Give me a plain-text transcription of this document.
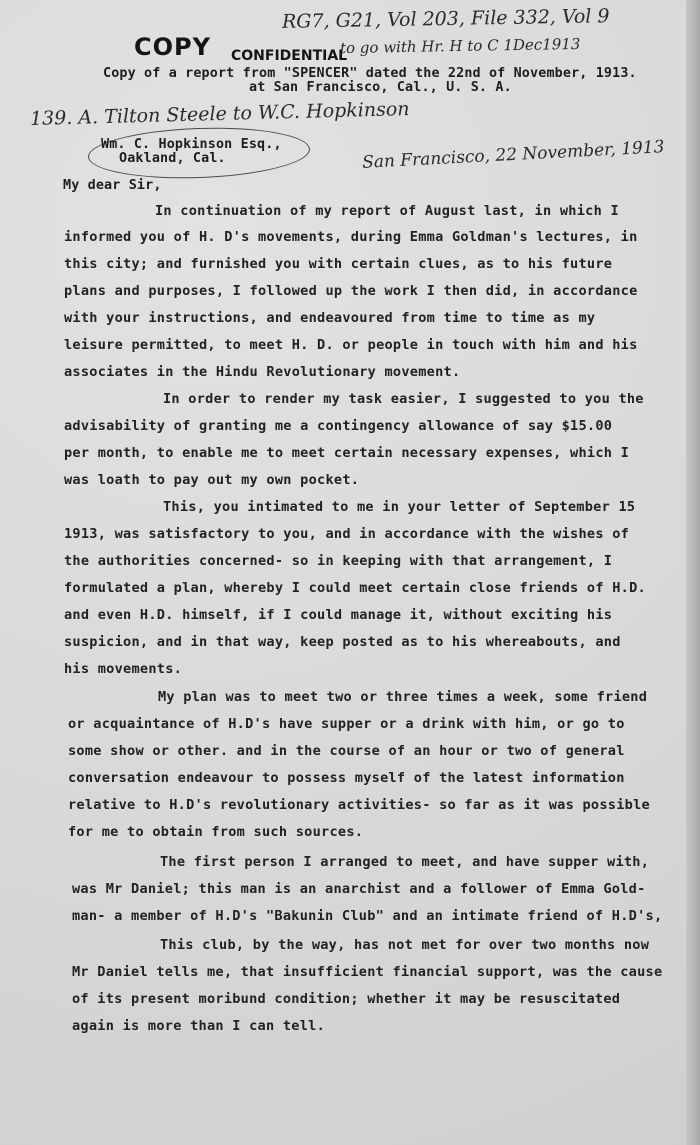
RG7, G21, Vol 203, File 332, Vol 9
to go with Hr. H to C 1Dec1913
139. A. Tilton Steele to W.C. Hopkinson
San Francisco, 22 November, 1913
COPY CONFIDENTIAL
Copy of a report from "SPENCER" dated the 22nd of November, 1913.
at San Francisco, Cal., U. S. A.
Wm. C. Hopkinson Esq.,
Oakland, Cal.
My dear Sir,
In continuation of my report of August last, in which I
informed you of H. D's movements, during Emma Goldman's lectures, in
this city; and furnished you with certain clues, as to his future
plans and purposes, I followed up the work I then did, in accordance
with your instructions, and endeavoured from time to time as my
leisure permitted, to meet H. D. or people in touch with him and his
associates in the Hindu Revolutionary movement.
In order to render my task easier, I suggested to you the
advisability of granting me a contingency allowance of say $15.00
per month, to enable me to meet certain necessary expenses, which I
was loath to pay out my own pocket.
This, you intimated to me in your letter of September 15
1913, was satisfactory to you, and in accordance with the wishes of
the authorities concerned- so in keeping with that arrangement, I
formulated a plan, whereby I could meet certain close friends of H.D.
and even H.D. himself, if I could manage it, without exciting his
suspicion, and in that way, keep posted as to his whereabouts, and
his movements.
My plan was to meet two or three times a week, some friend
or acquaintance of H.D's have supper or a drink with him, or go to
some show or other. and in the course of an hour or two of general
conversation endeavour to possess myself of the latest information
relative to H.D's revolutionary activities- so far as it was possible
for me to obtain from such sources.
The first person I arranged to meet, and have supper with,
was Mr Daniel; this man is an anarchist and a follower of Emma Gold-
man- a member of H.D's "Bakunin Club" and an intimate friend of H.D's,
This club, by the way, has not met for over two months now
Mr Daniel tells me, that insufficient financial support, was the cause
of its present moribund condition; whether it may be resuscitated
again is more than I can tell.
